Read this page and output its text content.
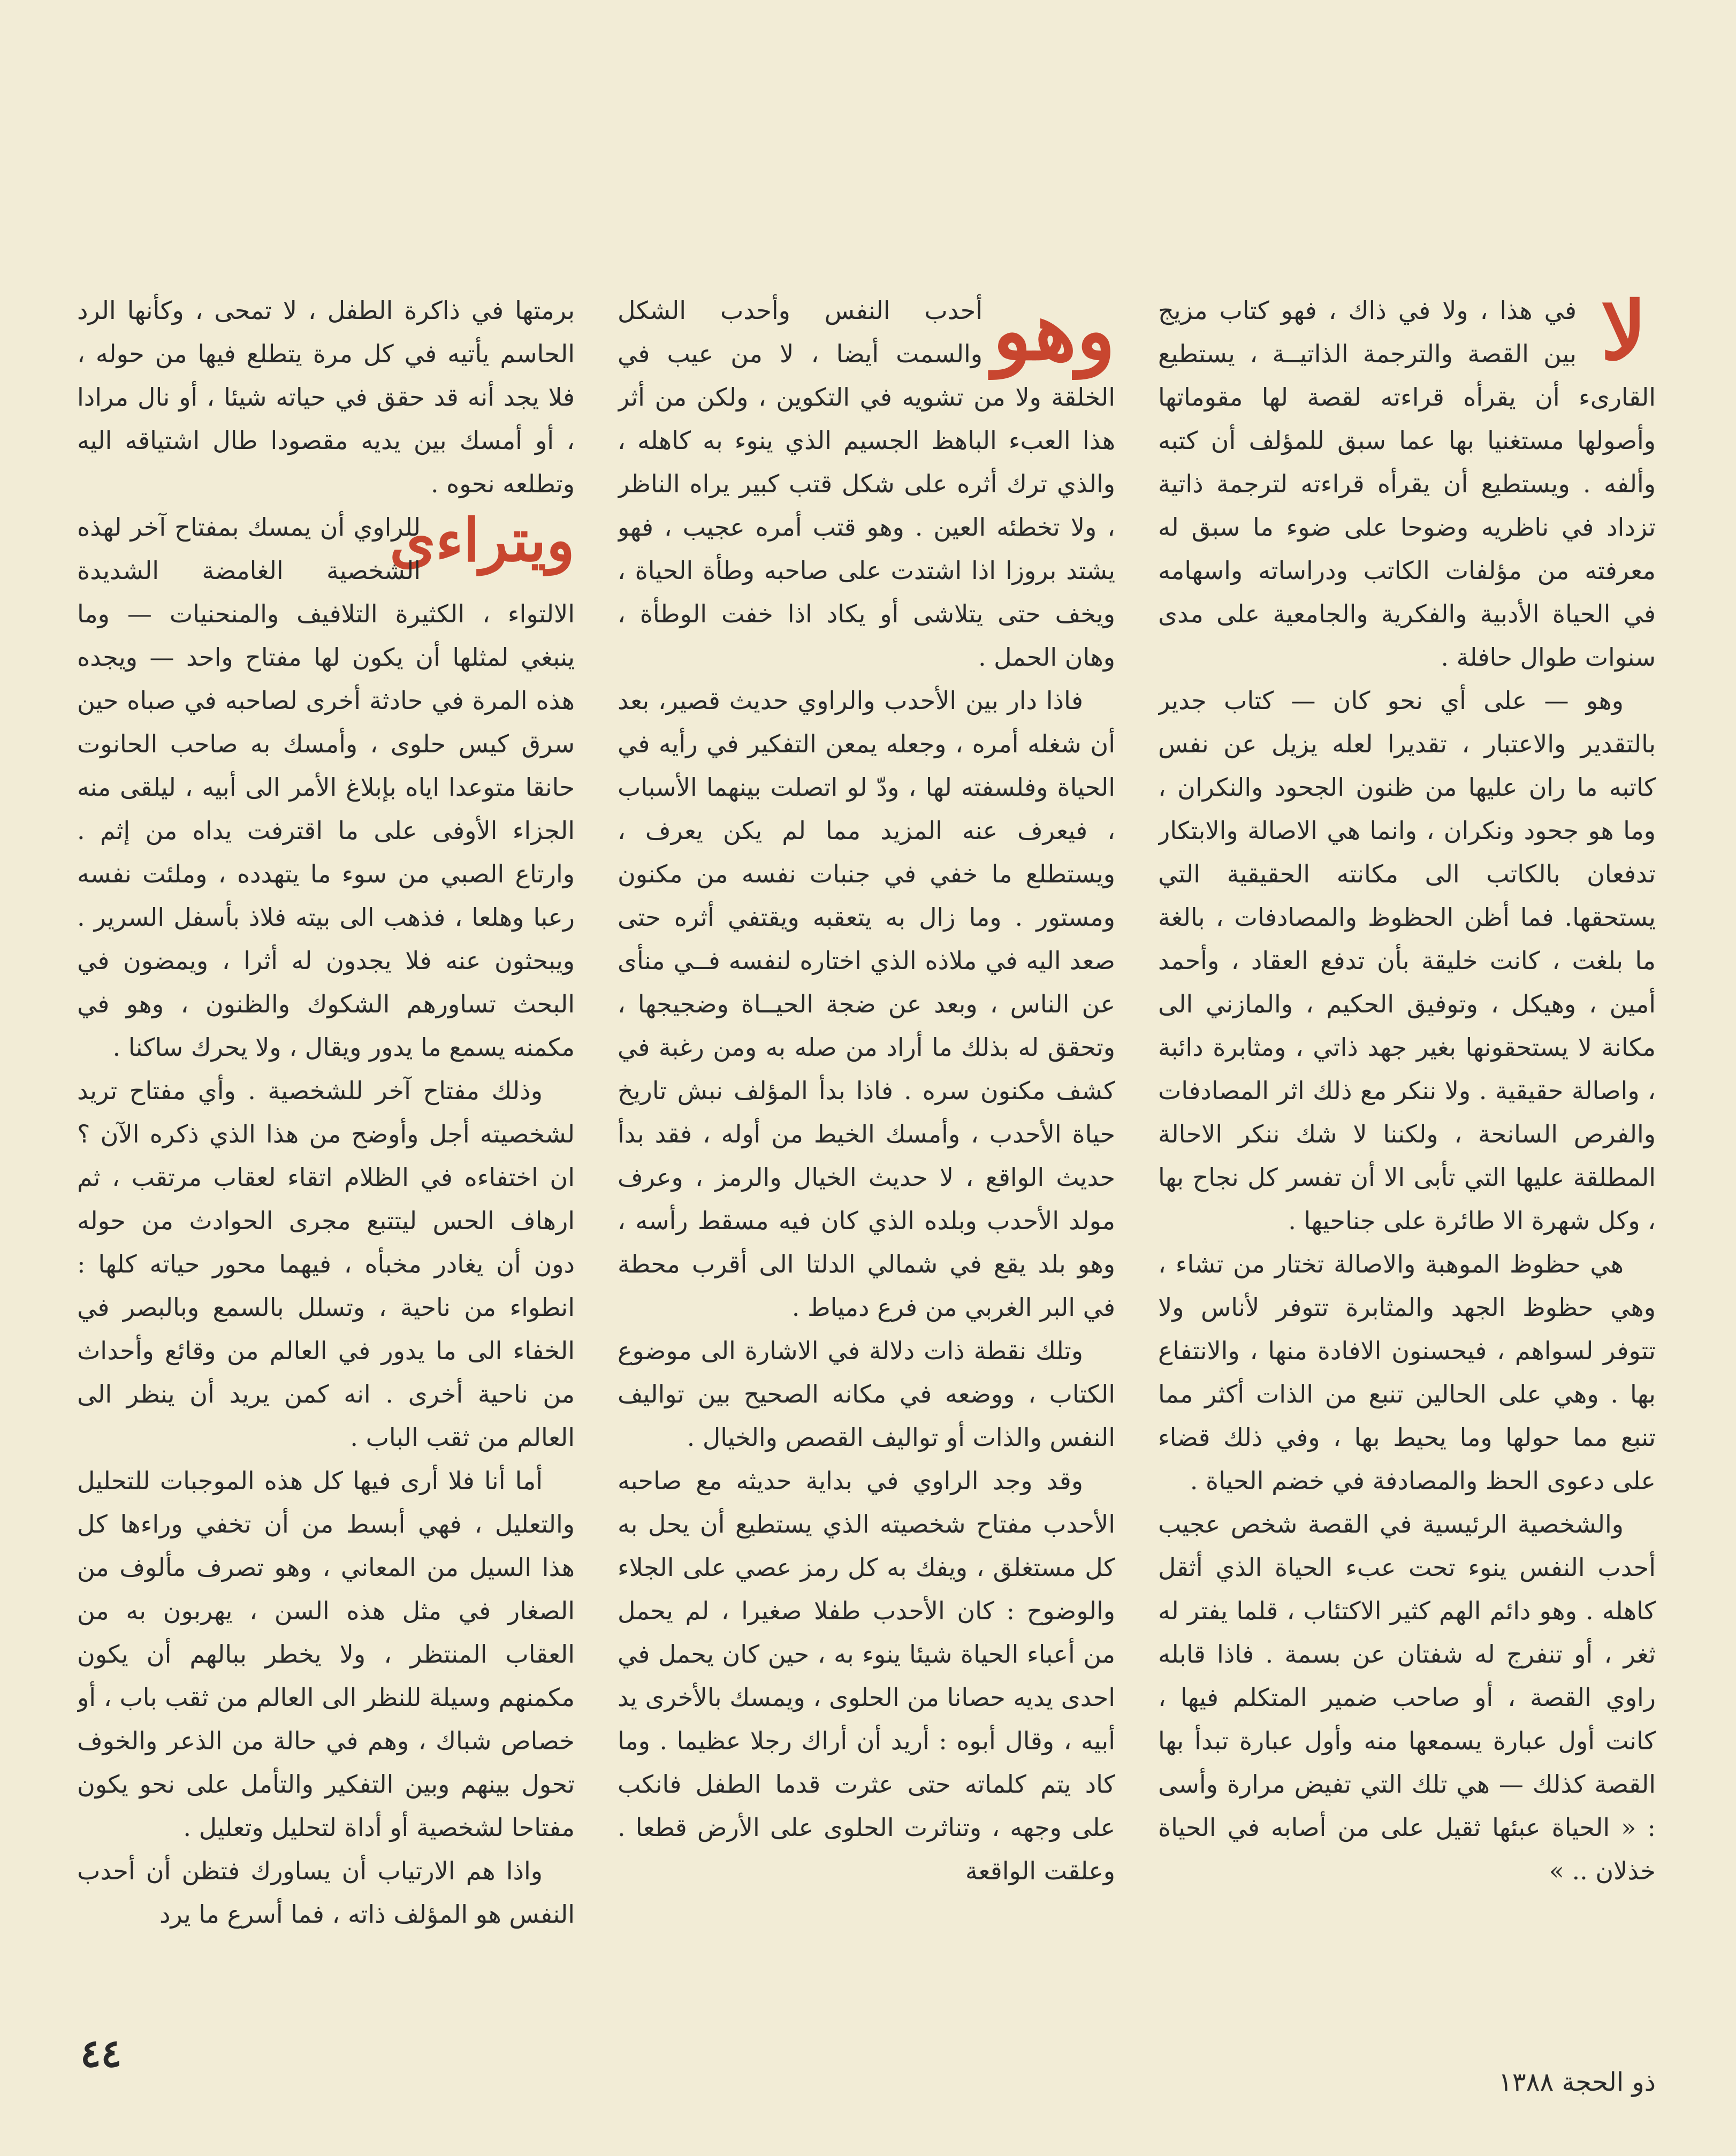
لا

في هذا ، ولا في ذاك ، فهو كتاب مزيج بين القصة والترجمة الذاتيــة ، يستطيع القارىء أن يقرأه قراءته لقصة لها مقوماتها وأصولها مستغنيا بها عما سبق للمؤلف أن كتبه وألفه . ويستطيع أن يقرأه قراءته لترجمة ذاتية تزداد في ناظريه وضوحا على ضوء ما سبق له معرفته من مؤلفات الكاتب ودراساته واسهامه في الحياة الأدبية والفكرية والجامعية على مدى سنوات طوال حافلة .

وهو — على أي نحو كان — كتاب جدير بالتقدير والاعتبار ، تقديرا لعله يزيل عن نفس كاتبه ما ران عليها من ظنون الجحود والنكران ، وما هو جحود ونكران ، وانما هي الاصالة والابتكار تدفعان بالكاتب الى مكانته الحقيقية التي يستحقها. فما أظن الحظوظ والمصادفات ، بالغة ما بلغت ، كانت خليقة بأن تدفع العقاد ، وأحمد أمين ، وهيكل ، وتوفيق الحكيم ، والمازني الى مكانة لا يستحقونها بغير جهد ذاتي ، ومثابرة دائبة ، واصالة حقيقية . ولا ننكر مع ذلك اثر المصادفات والفرص السانحة ، ولكننا لا شك ننكر الاحالة المطلقة عليها التي تأبى الا أن تفسر كل نجاح بها ، وكل شهرة الا طائرة على جناحيها .

هي حظوظ الموهبة والاصالة تختار من تشاء ، وهي حظوظ الجهد والمثابرة تتوفر لأناس ولا تتوفر لسواهم ، فيحسنون الافادة منها ، والانتفاع بها . وهي على الحالين تنبع من الذات أكثر مما تنبع مما حولها وما يحيط بها ، وفي ذلك قضاء على دعوى الحظ والمصادفة في خضم الحياة .

والشخصية الرئيسية في القصة شخص عجيب أحدب النفس ينوء تحت عبء الحياة الذي أثقل كاهله . وهو دائم الهم كثير الاكتئاب ، قلما يفتر له ثغر ، أو تنفرج له شفتان عن بسمة . فاذا قابله راوي القصة ، أو صاحب ضمير المتكلم فيها ، كانت أول عبارة يسمعها منه وأول عبارة تبدأ بها القصة كذلك — هي تلك التي تفيض مرارة وأسى : « الحياة عبئها ثقيل على من أصابه في الحياة خذلان .. »

وهو

أحدب النفس وأحدب الشكل والسمت أيضا ، لا من عيب في الخلقة ولا من تشويه في التكوين ، ولكن من أثر هذا العبء الباهظ الجسيم الذي ينوء به كاهله ، والذي ترك أثره على شكل قتب كبير يراه الناظر ، ولا تخطئه العين . وهو قتب أمره عجيب ، فهو يشتد بروزا اذا اشتدت على صاحبه وطأة الحياة ، ويخف حتى يتلاشى أو يكاد اذا خفت الوطأة ، وهان الحمل .

فاذا دار بين الأحدب والراوي حديث قصير، بعد أن شغله أمره ، وجعله يمعن التفكير في رأيه في الحياة وفلسفته لها ، ودّ لو اتصلت بينهما الأسباب ، فيعرف عنه المزيد مما لم يكن يعرف ، ويستطلع ما خفي في جنبات نفسه من مكنون ومستور . وما زال به يتعقبه ويقتفي أثره حتى صعد اليه في ملاذه الذي اختاره لنفسه فــي منأى عن الناس ، وبعد عن ضجة الحيــاة وضجيجها ، وتحقق له بذلك ما أراد من صله به ومن رغبة في كشف مكنون سره . فاذا بدأ المؤلف نبش تاريخ حياة الأحدب ، وأمسك الخيط من أوله ، فقد بدأ حديث الواقع ، لا حديث الخيال والرمز ، وعرف مولد الأحدب وبلده الذي كان فيه مسقط رأسه ، وهو بلد يقع في شمالي الدلتا الى أقرب محطة في البر الغربي من فرع دمياط .

وتلك نقطة ذات دلالة في الاشارة الى موضوع الكتاب ، ووضعه في مكانه الصحيح بين تواليف النفس والذات أو تواليف القصص والخيال .

وقد وجد الراوي في بداية حديثه مع صاحبه الأحدب مفتاح شخصيته الذي يستطيع أن يحل به كل مستغلق ، ويفك به كل رمز عصي على الجلاء والوضوح : كان الأحدب طفلا صغيرا ، لم يحمل من أعباء الحياة شيئا ينوء به ، حين كان يحمل في احدى يديه حصانا من الحلوى ، ويمسك بالأخرى يد أبيه ، وقال أبوه : أريد أن أراك رجلا عظيما . وما كاد يتم كلماته حتى عثرت قدما الطفل فانكب على وجهه ، وتناثرت الحلوى على الأرض قطعا . وعلقت الواقعة

برمتها في ذاكرة الطفل ، لا تمحى ، وكأنها الرد الحاسم يأتيه في كل مرة يتطلع فيها من حوله ، فلا يجد أنه قد حقق في حياته شيئا ، أو نال مرادا ، أو أمسك بين يديه مقصودا طال اشتياقه اليه وتطلعه نحوه .

ويتراءى

للراوي أن يمسك بمفتاح آخر لهذه الشخصية الغامضة الشديدة الالتواء ، الكثيرة التلافيف والمنحنيات — وما ينبغي لمثلها أن يكون لها مفتاح واحد — ويجده هذه المرة في حادثة أخرى لصاحبه في صباه حين سرق كيس حلوى ، وأمسك به صاحب الحانوت حانقا متوعدا اياه بإبلاغ الأمر الى أبيه ، ليلقى منه الجزاء الأوفى على ما اقترفت يداه من إثم . وارتاع الصبي من سوء ما يتهدده ، وملئت نفسه رعبا وهلعا ، فذهب الى بيته فلاذ بأسفل السرير . ويبحثون عنه فلا يجدون له أثرا ، ويمضون في البحث تساورهم الشكوك والظنون ، وهو في مكمنه يسمع ما يدور ويقال ، ولا يحرك ساكنا .

وذلك مفتاح آخر للشخصية . وأي مفتاح تريد لشخصيته أجل وأوضح من هذا الذي ذكره الآن ؟ ان اختفاءه في الظلام اتقاء لعقاب مرتقب ، ثم ارهاف الحس ليتتبع مجرى الحوادث من حوله دون أن يغادر مخبأه ، فيهما محور حياته كلها : انطواء من ناحية ، وتسلل بالسمع وبالبصر في الخفاء الى ما يدور في العالم من وقائع وأحداث من ناحية أخرى . انه كمن يريد أن ينظر الى العالم من ثقب الباب .

أما أنا فلا أرى فيها كل هذه الموجبات للتحليل والتعليل ، فهي أبسط من أن تخفي وراءها كل هذا السيل من المعاني ، وهو تصرف مألوف من الصغار في مثل هذه السن ، يهربون به من العقاب المنتظر ، ولا يخطر ببالهم أن يكون مكمنهم وسيلة للنظر الى العالم من ثقب باب ، أو خصاص شباك ، وهم في حالة من الذعر والخوف تحول بينهم وبين التفكير والتأمل على نحو يكون مفتاحا لشخصية أو أداة لتحليل وتعليل .

واذا هم الارتياب أن يساورك فتظن أن أحدب النفس هو المؤلف ذاته ، فما أسرع ما يرد

٤٤
ذو الحجة ١٣٨٨
